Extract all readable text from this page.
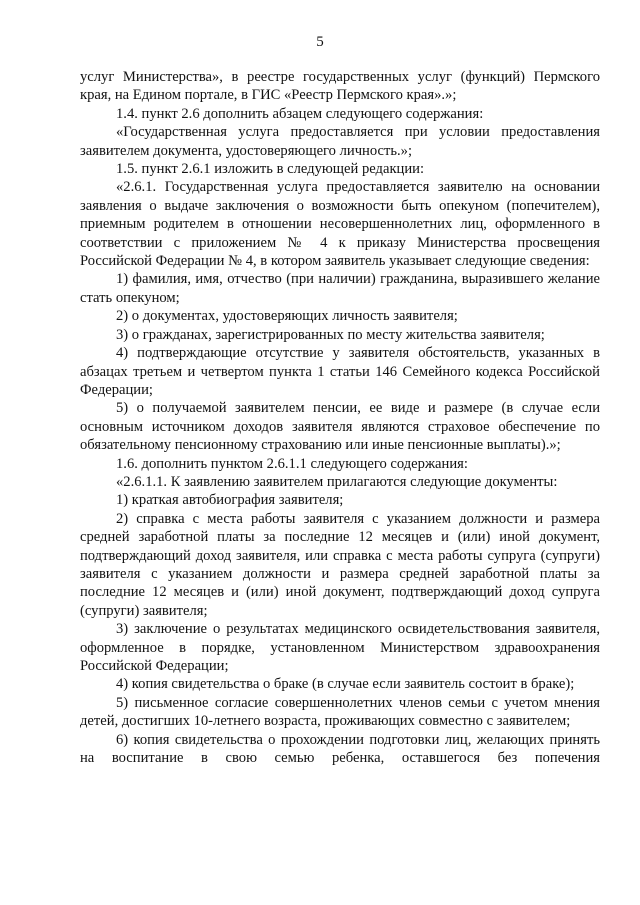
5

услуг Министерства», в реестре государственных услуг (функций) Пермского края, на Едином портале, в ГИС «Реестр Пермского края».»;

1.4. пункт 2.6 дополнить абзацем следующего содержания:

«Государственная услуга предоставляется при условии предоставления заявителем документа, удостоверяющего личность.»;

1.5. пункт 2.6.1 изложить в следующей редакции:

«2.6.1. Государственная услуга предоставляется заявителю на основании заявления о выдаче заключения о возможности быть опекуном (попечителем), приемным родителем в отношении несовершеннолетних лиц, оформленного в соответствии с приложением № 4 к приказу Министерства просвещения Российской Федерации № 4, в котором заявитель указывает следующие сведения:

1) фамилия, имя, отчество (при наличии) гражданина, выразившего желание стать опекуном;

2) о документах, удостоверяющих личность заявителя;

3) о гражданах, зарегистрированных по месту жительства заявителя;

4) подтверждающие отсутствие у заявителя обстоятельств, указанных в абзацах третьем и четвертом пункта 1 статьи 146 Семейного кодекса Российской Федерации;

5) о получаемой заявителем пенсии, ее виде и размере (в случае если основным источником доходов заявителя являются страховое обеспечение по обязательному пенсионному страхованию или иные пенсионные выплаты).»;

1.6. дополнить пунктом 2.6.1.1 следующего содержания:

«2.6.1.1. К заявлению заявителем прилагаются следующие документы:

1) краткая автобиография заявителя;

2) справка с места работы заявителя с указанием должности и размера средней заработной платы за последние 12 месяцев и (или) иной документ, подтверждающий доход заявителя, или справка с места работы супруга (супруги) заявителя с указанием должности и размера средней заработной платы за последние 12 месяцев и (или) иной документ, подтверждающий доход супруга (супруги) заявителя;

3) заключение о результатах медицинского освидетельствования заявителя, оформленное в порядке, установленном Министерством здравоохранения Российской Федерации;

4) копия свидетельства о браке (в случае если заявитель состоит в браке);

5) письменное согласие совершеннолетних членов семьи с учетом мнения детей, достигших 10-летнего возраста, проживающих совместно с заявителем;

6) копия свидетельства о прохождении подготовки лиц, желающих принять на воспитание в свою семью ребенка, оставшегося без попечения
